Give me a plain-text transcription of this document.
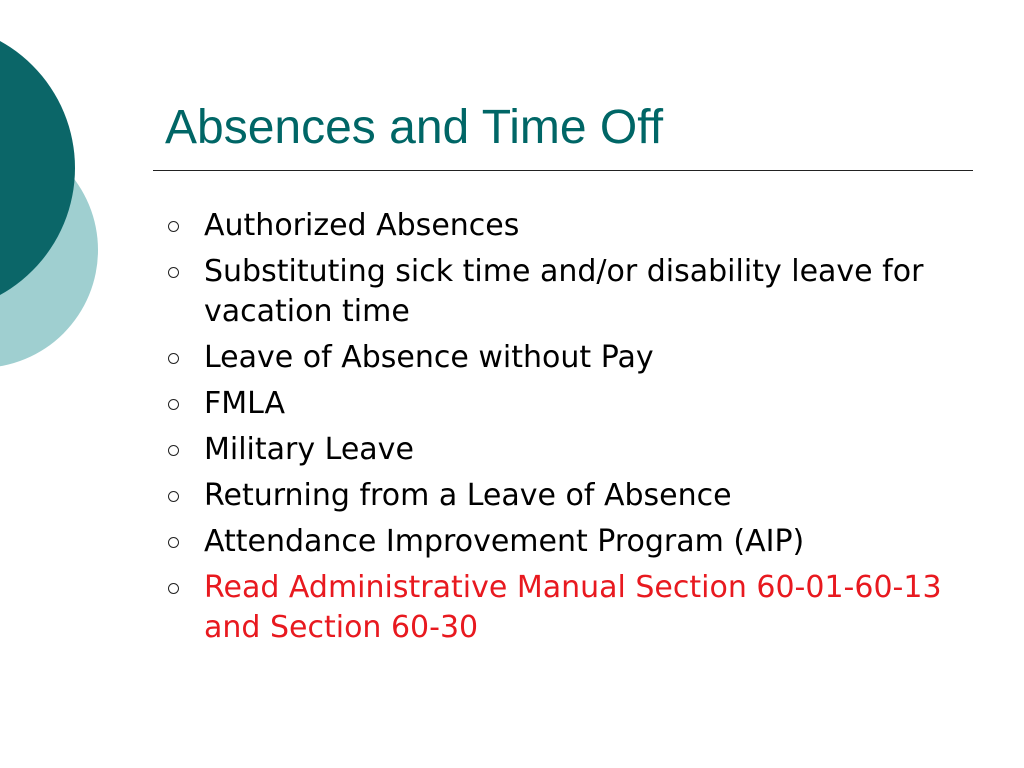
Absences and Time Off
Authorized Absences
Substituting sick time and/or disability leave for vacation time
Leave of Absence without Pay
FMLA
Military Leave
Returning from a Leave of Absence
Attendance Improvement Program (AIP)
Read Administrative Manual Section 60-01-60-13 and Section 60-30
